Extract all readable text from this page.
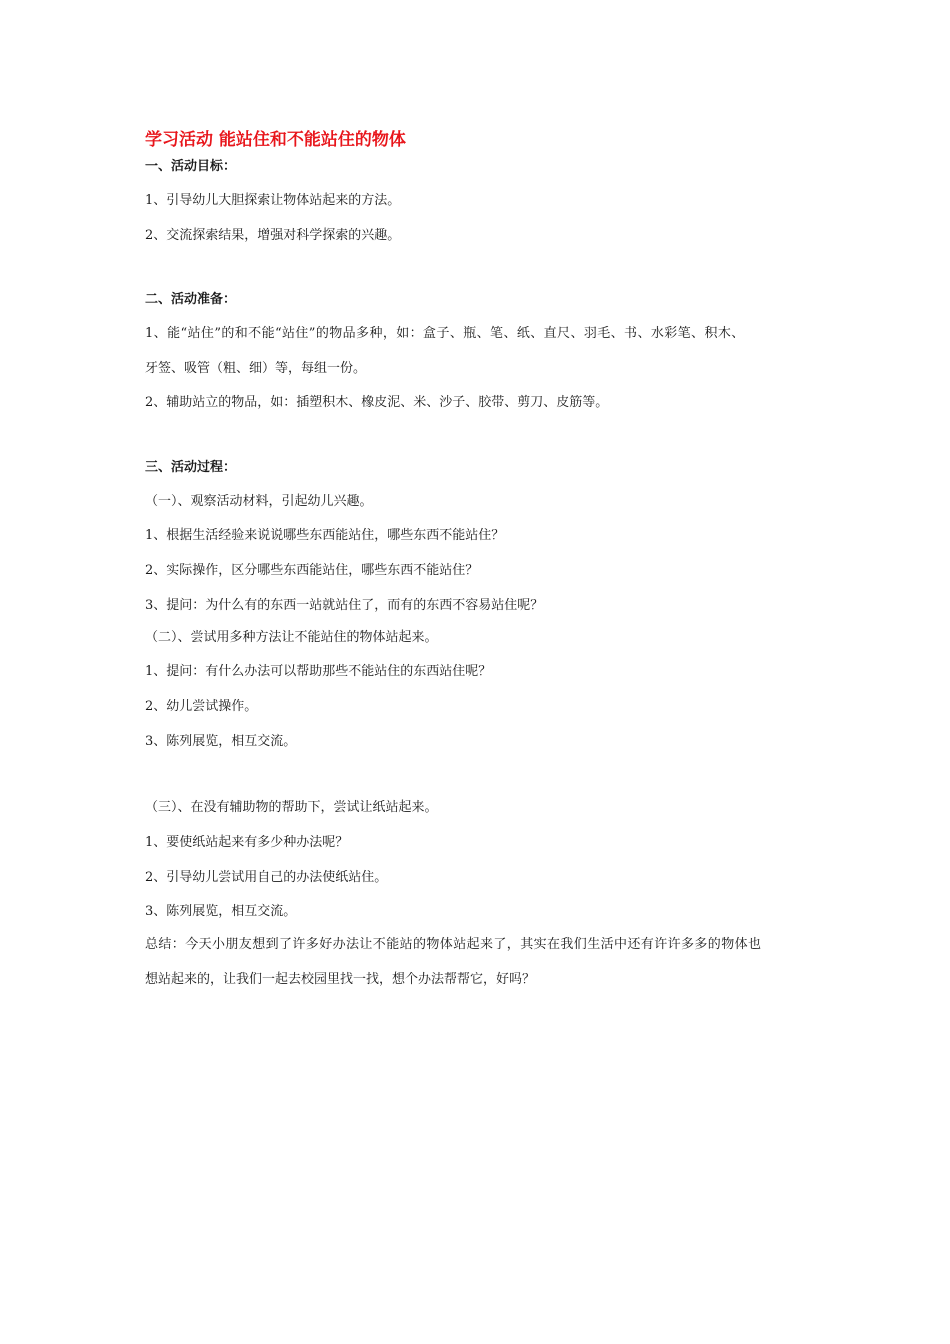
学习活动 能站住和不能站住的物体
一、活动目标：
1、引导幼儿大胆探索让物体站起来的方法。
2、交流探索结果，增强对科学探索的兴趣。
二、活动准备：
1、能“站住”的和不能“站住”的物品多种，如：盒子、瓶、笔、纸、直尺、羽毛、书、水彩笔、积木、
牙签、吸管（粗、细）等，每组一份。
2、辅助站立的物品，如：插塑积木、橡皮泥、米、沙子、胶带、剪刀、皮筋等。
三、活动过程：
（一）、观察活动材料，引起幼儿兴趣。
1、根据生活经验来说说哪些东西能站住，哪些东西不能站住？
2、实际操作，区分哪些东西能站住，哪些东西不能站住？
3、提问：为什么有的东西一站就站住了，而有的东西不容易站住呢？
（二）、尝试用多种方法让不能站住的物体站起来。
1、提问：有什么办法可以帮助那些不能站住的东西站住呢？
2、幼儿尝试操作。
3、陈列展览，相互交流。
（三）、在没有辅助物的帮助下，尝试让纸站起来。
1、要使纸站起来有多少种办法呢？
2、引导幼儿尝试用自己的办法使纸站住。
3、陈列展览，相互交流。
总结：今天小朋友想到了许多好办法让不能站的物体站起来了，其实在我们生活中还有许许多多的物体也
想站起来的，让我们一起去校园里找一找，想个办法帮帮它，好吗？
